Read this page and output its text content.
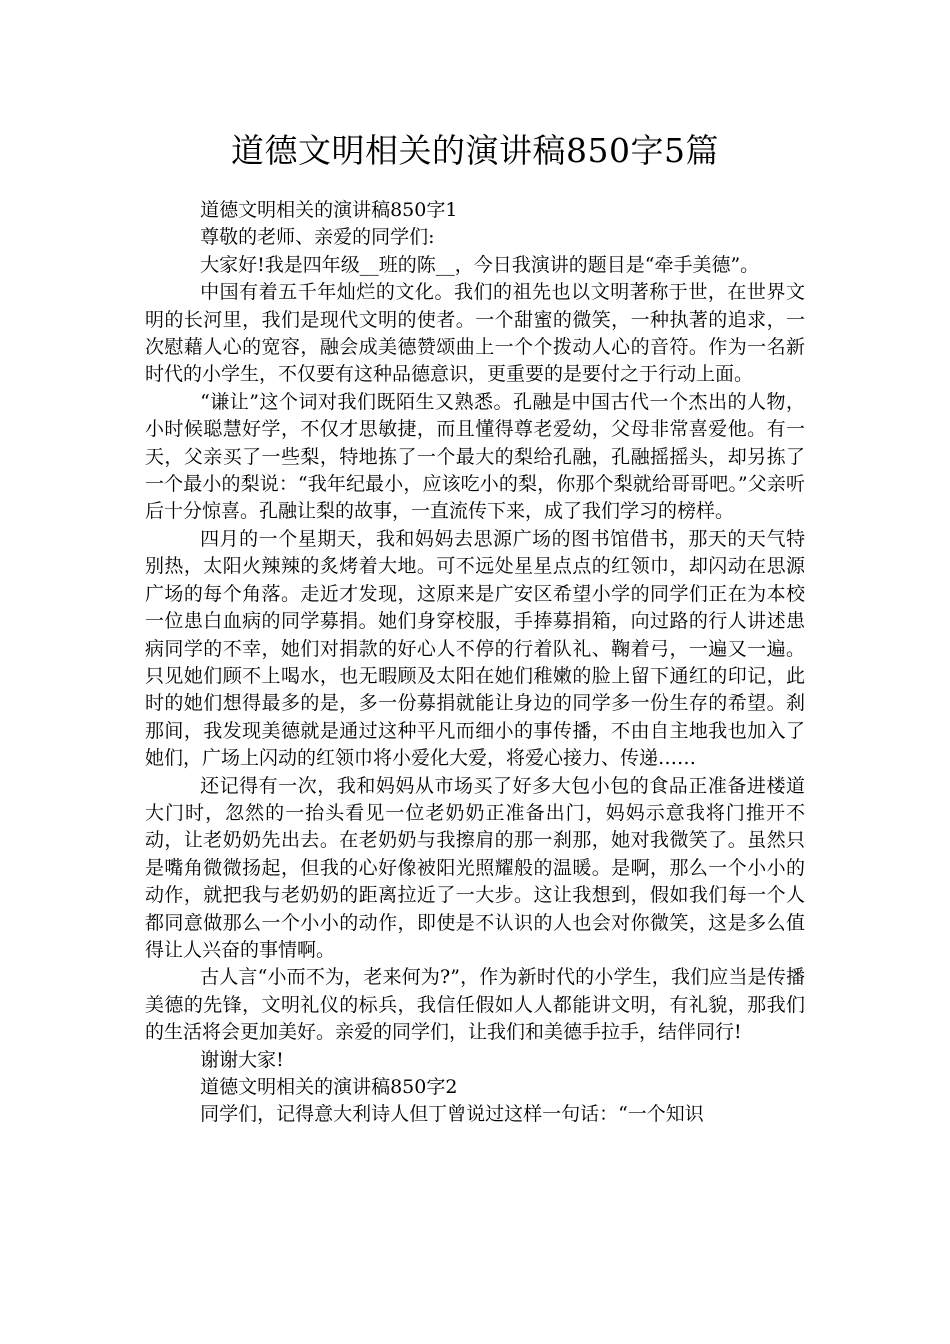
道德文明相关的演讲稿850字5篇

道德文明相关的演讲稿850字1

尊敬的老师、亲爱的同学们:

大家好!我是四年级__班的陈__，今日我演讲的题目是“牵手美德”。

中国有着五千年灿烂的文化。我们的祖先也以文明著称于世，在世界文明的长河里，我们是现代文明的使者。一个甜蜜的微笑，一种执著的追求，一次慰藉人心的宽容，融会成美德赞颂曲上一个个拨动人心的音符。作为一名新时代的小学生，不仅要有这种品德意识，更重要的是要付之于行动上面。

“谦让”这个词对我们既陌生又熟悉。孔融是中国古代一个杰出的人物，小时候聪慧好学，不仅才思敏捷，而且懂得尊老爱幼，父母非常喜爱他。有一天，父亲买了一些梨，特地拣了一个最大的梨给孔融，孔融摇摇头，却另拣了一个最小的梨说：“我年纪最小，应该吃小的梨，你那个梨就给哥哥吧。”父亲听后十分惊喜。孔融让梨的故事，一直流传下来，成了我们学习的榜样。

四月的一个星期天，我和妈妈去思源广场的图书馆借书，那天的天气特别热，太阳火辣辣的炙烤着大地。可不远处星星点点的红领巾，却闪动在思源广场的每个角落。走近才发现，这原来是广安区希望小学的同学们正在为本校一位患白血病的同学募捐。她们身穿校服，手捧募捐箱，向过路的行人讲述患病同学的不幸，她们对捐款的好心人不停的行着队礼、鞠着弓，一遍又一遍。只见她们顾不上喝水，也无暇顾及太阳在她们稚嫩的脸上留下通红的印记，此时的她们想得最多的是，多一份募捐就能让身边的同学多一份生存的希望。刹那间，我发现美德就是通过这种平凡而细小的事传播，不由自主地我也加入了她们，广场上闪动的红领巾将小爱化大爱，将爱心接力、传递……

还记得有一次，我和妈妈从市场买了好多大包小包的食品正准备进楼道大门时，忽然的一抬头看见一位老奶奶正准备出门，妈妈示意我将门推开不动，让老奶奶先出去。在老奶奶与我擦肩的那一刹那，她对我微笑了。虽然只是嘴角微微扬起，但我的心好像被阳光照耀般的温暖。是啊，那么一个小小的动作，就把我与老奶奶的距离拉近了一大步。这让我想到，假如我们每一个人都同意做那么一个小小的动作，即使是不认识的人也会对你微笑，这是多么值得让人兴奋的事情啊。

古人言“小而不为，老来何为?”，作为新时代的小学生，我们应当是传播美德的先锋，文明礼仪的标兵，我信任假如人人都能讲文明，有礼貌，那我们的生活将会更加美好。亲爱的同学们，让我们和美德手拉手，结伴同行!

谢谢大家!

道德文明相关的演讲稿850字2

同学们，记得意大利诗人但丁曾说过这样一句话：“一个知识
